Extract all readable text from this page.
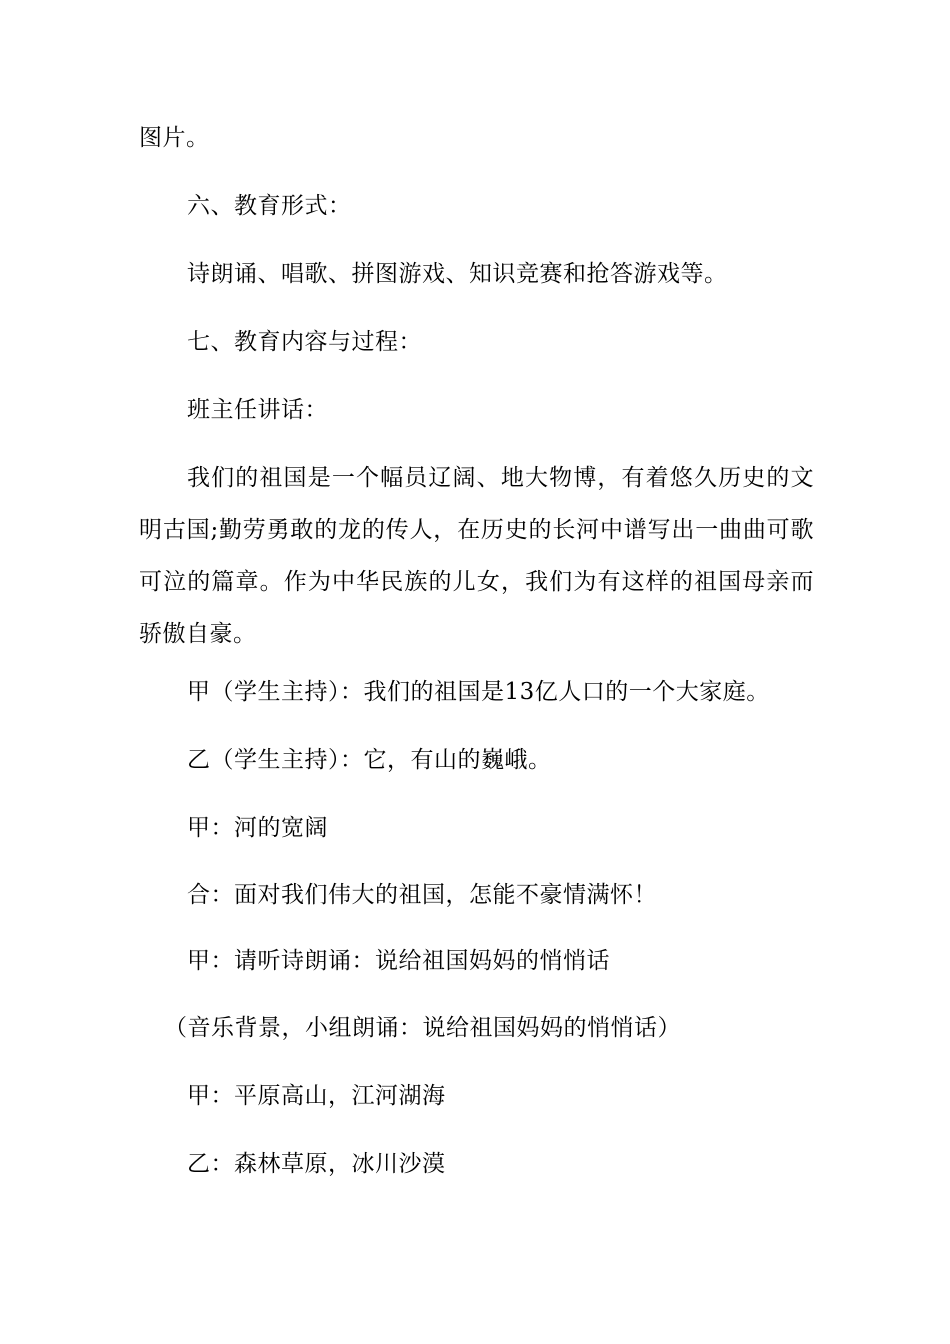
图片。
六、教育形式：
诗朗诵、唱歌、拼图游戏、知识竞赛和抢答游戏等。
七、教育内容与过程：
班主任讲话：
我们的祖国是一个幅员辽阔、地大物博，有着悠久历史的文明古国;勤劳勇敢的龙的传人，在历史的长河中谱写出一曲曲可歌可泣的篇章。作为中华民族的儿女，我们为有这样的祖国母亲而骄傲自豪。
甲（学生主持）：我们的祖国是13亿人口的一个大家庭。
乙（学生主持）：它，有山的巍峨。
甲：河的宽阔
合：面对我们伟大的祖国，怎能不豪情满怀！
甲：请听诗朗诵：说给祖国妈妈的悄悄话
（音乐背景，小组朗诵：说给祖国妈妈的悄悄话）
甲：平原高山，江河湖海
乙：森林草原，冰川沙漠
